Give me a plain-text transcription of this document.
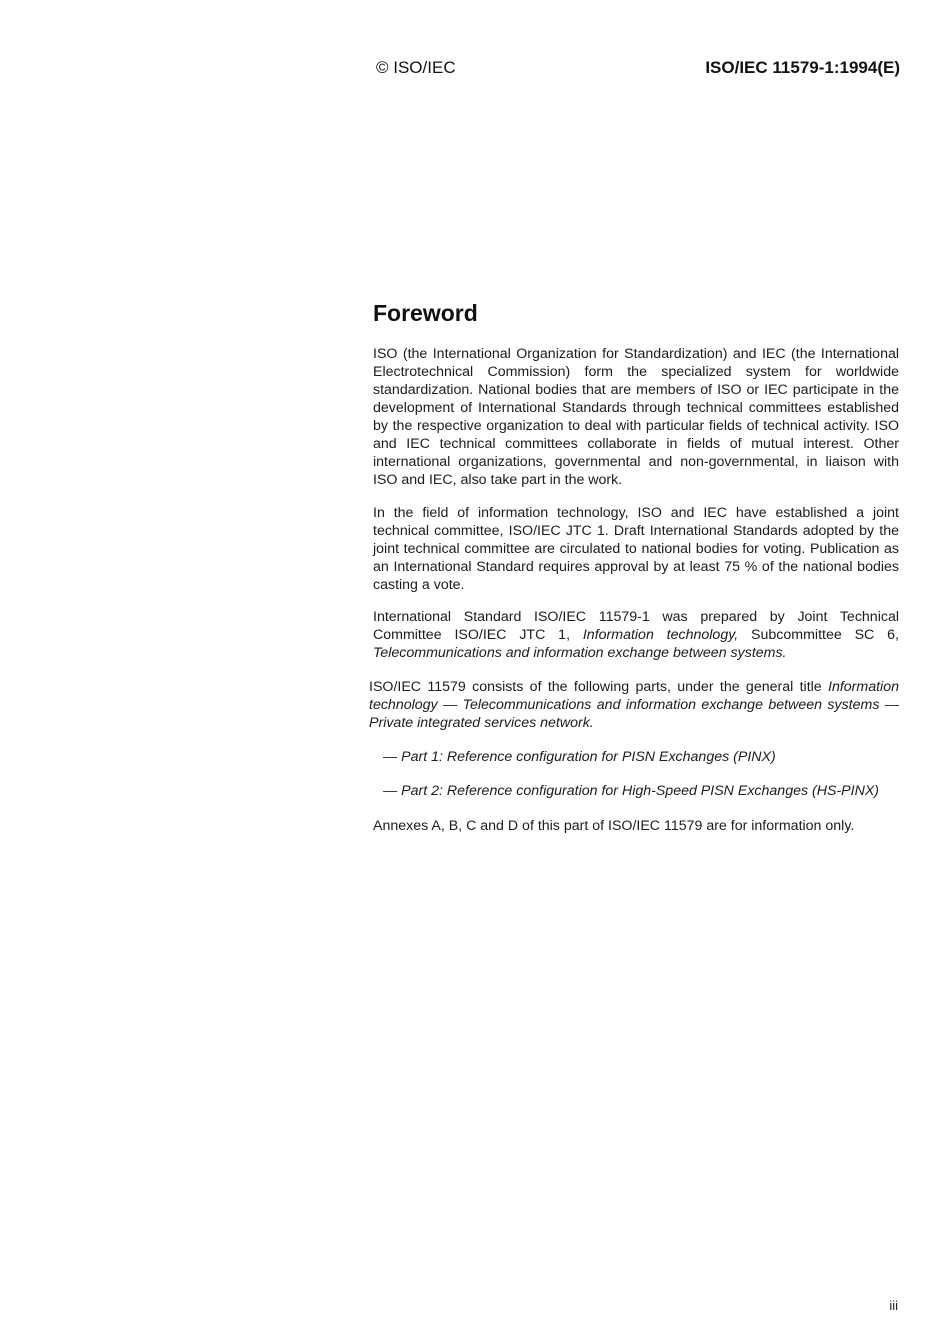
© ISO/IEC	ISO/IEC 11579-1:1994(E)
Foreword

ISO (the International Organization for Standardization) and IEC (the International Electrotechnical Commission) form the specialized system for worldwide standardization. National bodies that are members of ISO or IEC participate in the development of International Standards through technical committees established by the respective organization to deal with particular fields of technical activity. ISO and IEC technical committees collaborate in fields of mutual interest. Other international organizations, governmental and non-governmental, in liaison with ISO and IEC, also take part in the work.

In the field of information technology, ISO and IEC have established a joint technical committee, ISO/IEC JTC 1. Draft International Standards adopted by the joint technical committee are circulated to national bodies for voting. Publication as an International Standard requires approval by at least 75 % of the national bodies casting a vote.

International Standard ISO/IEC 11579-1 was prepared by Joint Technical Committee ISO/IEC JTC 1, Information technology, Subcommittee SC 6, Telecommunications and information exchange between systems.

ISO/IEC 11579 consists of the following parts, under the general title Information technology — Telecommunications and information exchange between systems — Private integrated services network.

— Part 1: Reference configuration for PISN Exchanges (PINX)

— Part 2: Reference configuration for High-Speed PISN Exchanges (HS-PINX)

Annexes A, B, C and D of this part of ISO/IEC 11579 are for information only.

iii
